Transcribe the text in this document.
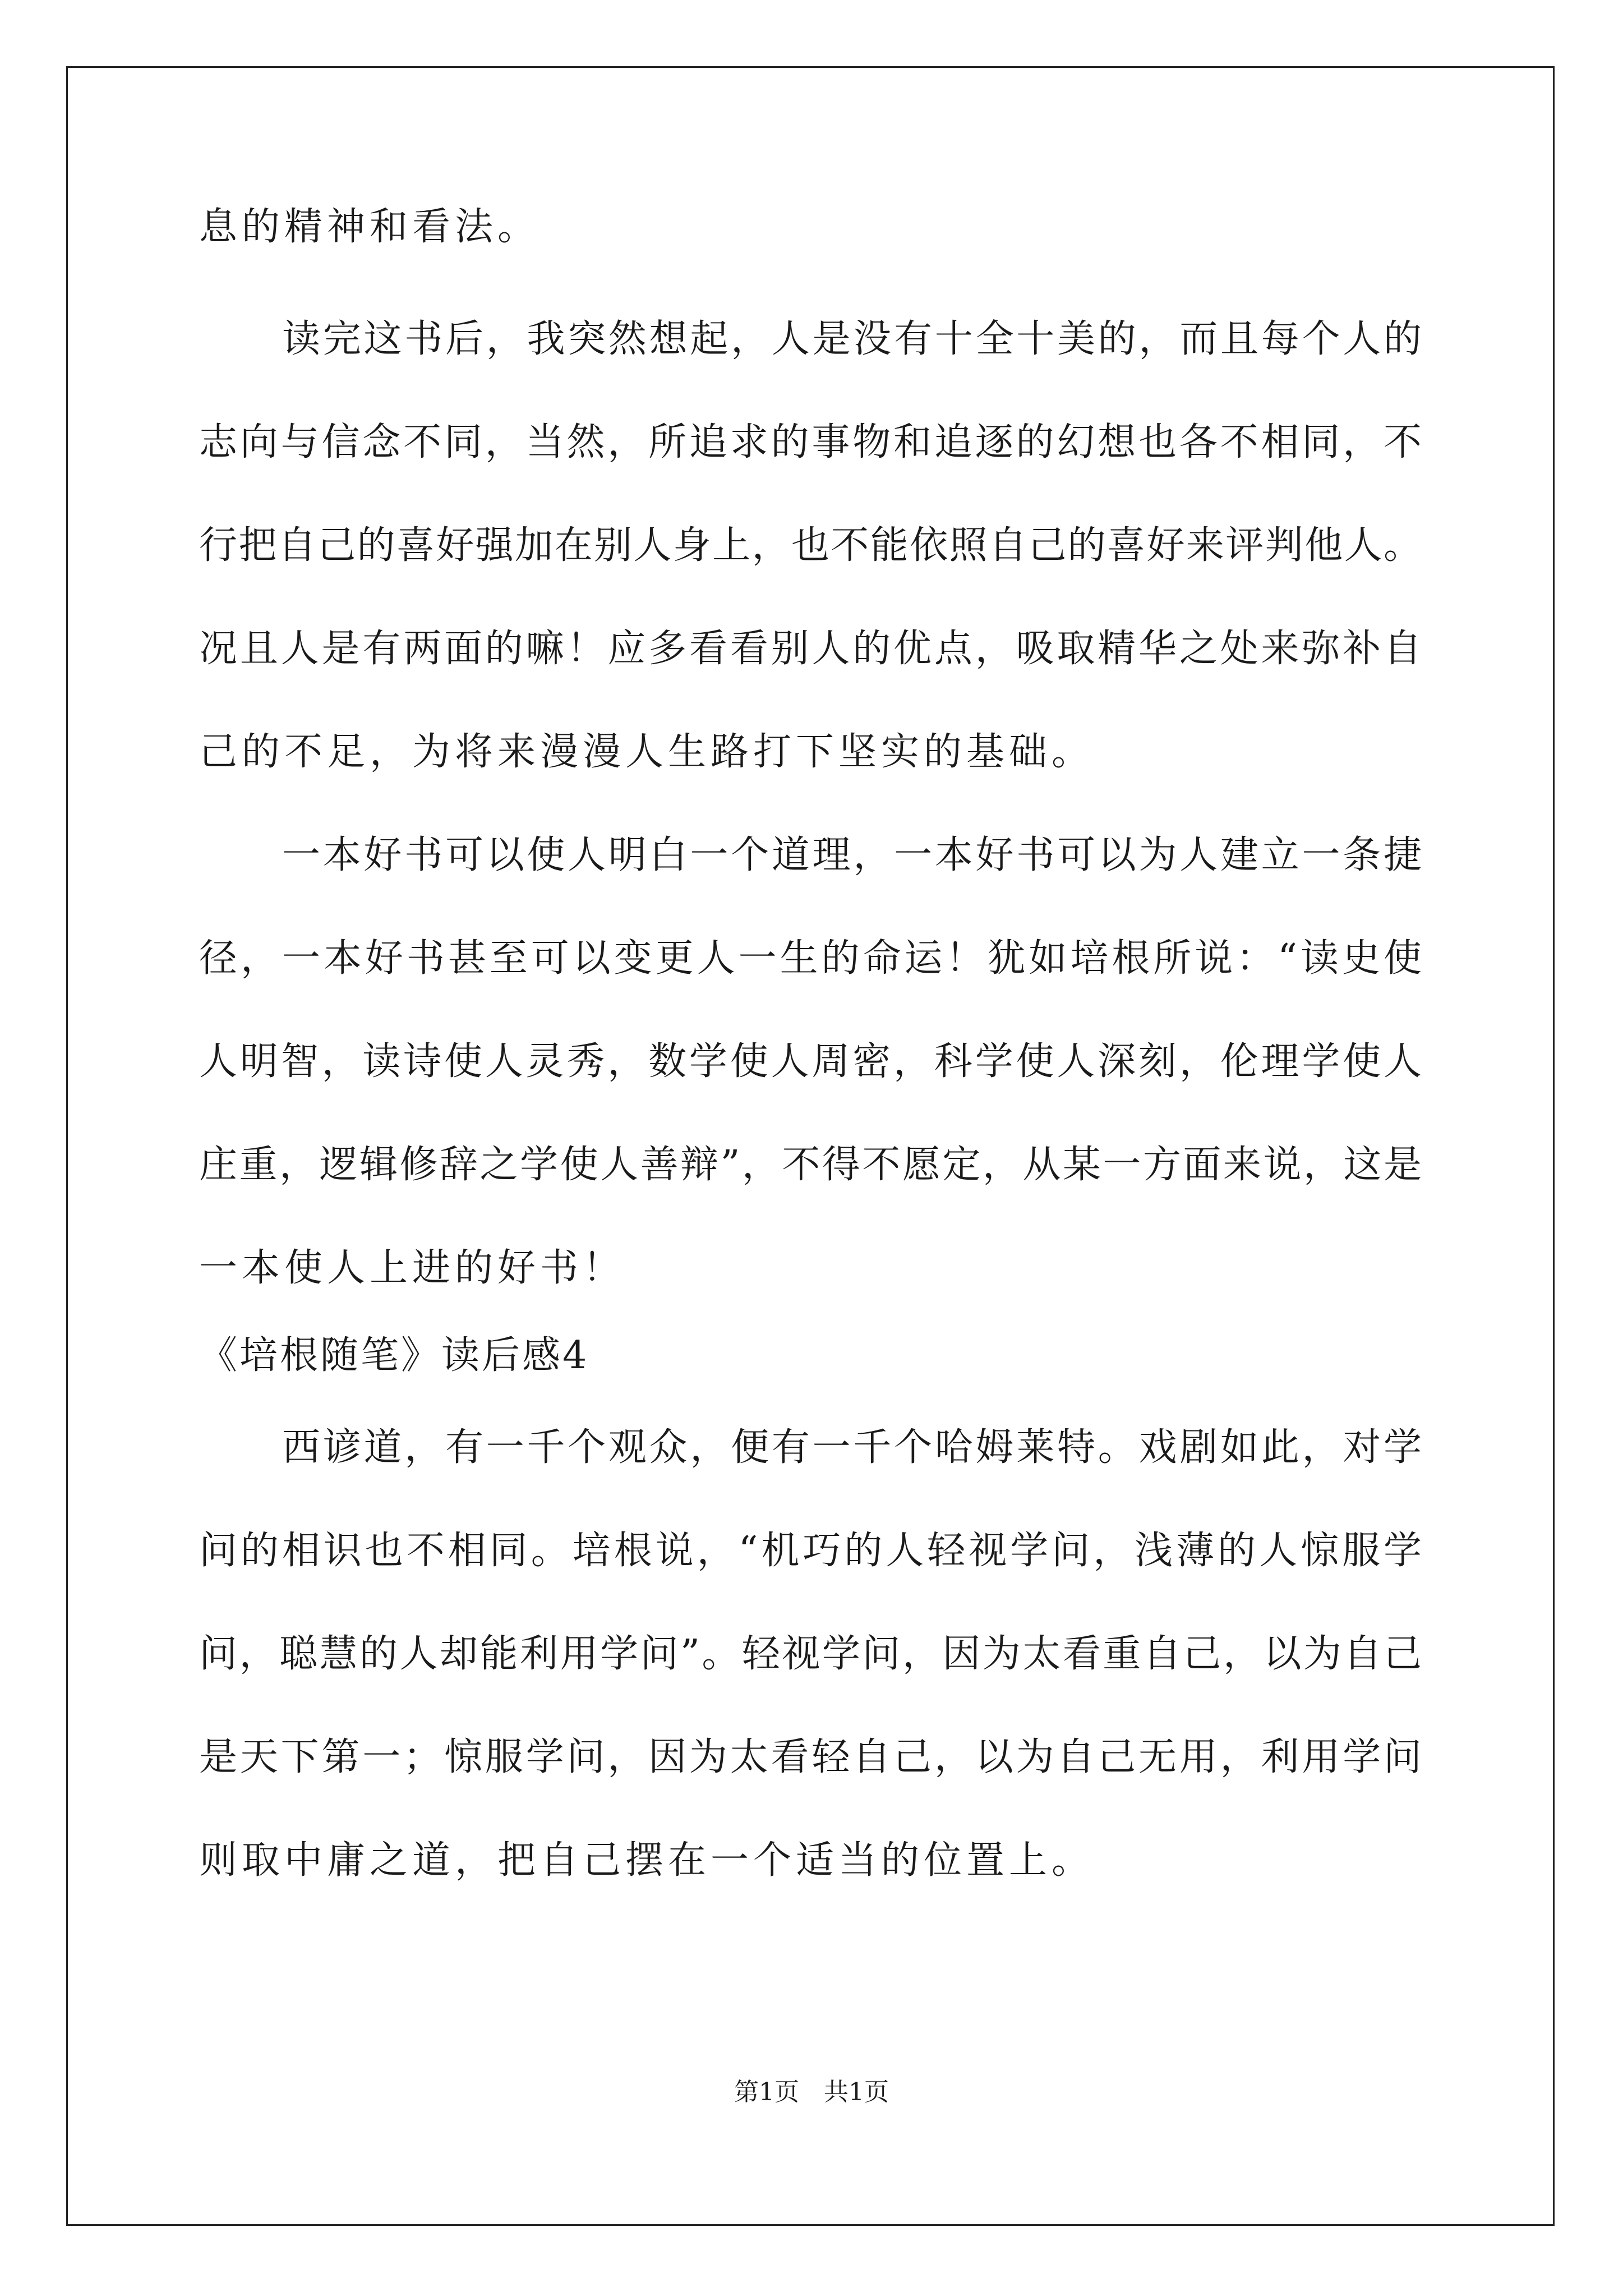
息的精神和看法。
读完这书后，我突然想起，人是没有十全十美的，而且每个人的
志向与信念不同，当然，所追求的事物和追逐的幻想也各不相同，不
行把自己的喜好强加在别人身上，也不能依照自己的喜好来评判他人。
况且人是有两面的嘛！应多看看别人的优点，吸取精华之处来弥补自
己的不足，为将来漫漫人生路打下坚实的基础。
一本好书可以使人明白一个道理，一本好书可以为人建立一条捷
径，一本好书甚至可以变更人一生的命运！犹如培根所说：“读史使
人明智，读诗使人灵秀，数学使人周密，科学使人深刻，伦理学使人
庄重，逻辑修辞之学使人善辩”，不得不愿定，从某一方面来说，这是
一本使人上进的好书！
《培根随笔》读后感4
西谚道，有一千个观众，便有一千个哈姆莱特。戏剧如此，对学
问的相识也不相同。培根说，“机巧的人轻视学问，浅薄的人惊服学
问，聪慧的人却能利用学问”。轻视学问，因为太看重自己，以为自己
是天下第一；惊服学问，因为太看轻自己，以为自己无用，利用学问
则取中庸之道，把自己摆在一个适当的位置上。
第1页　共1页
